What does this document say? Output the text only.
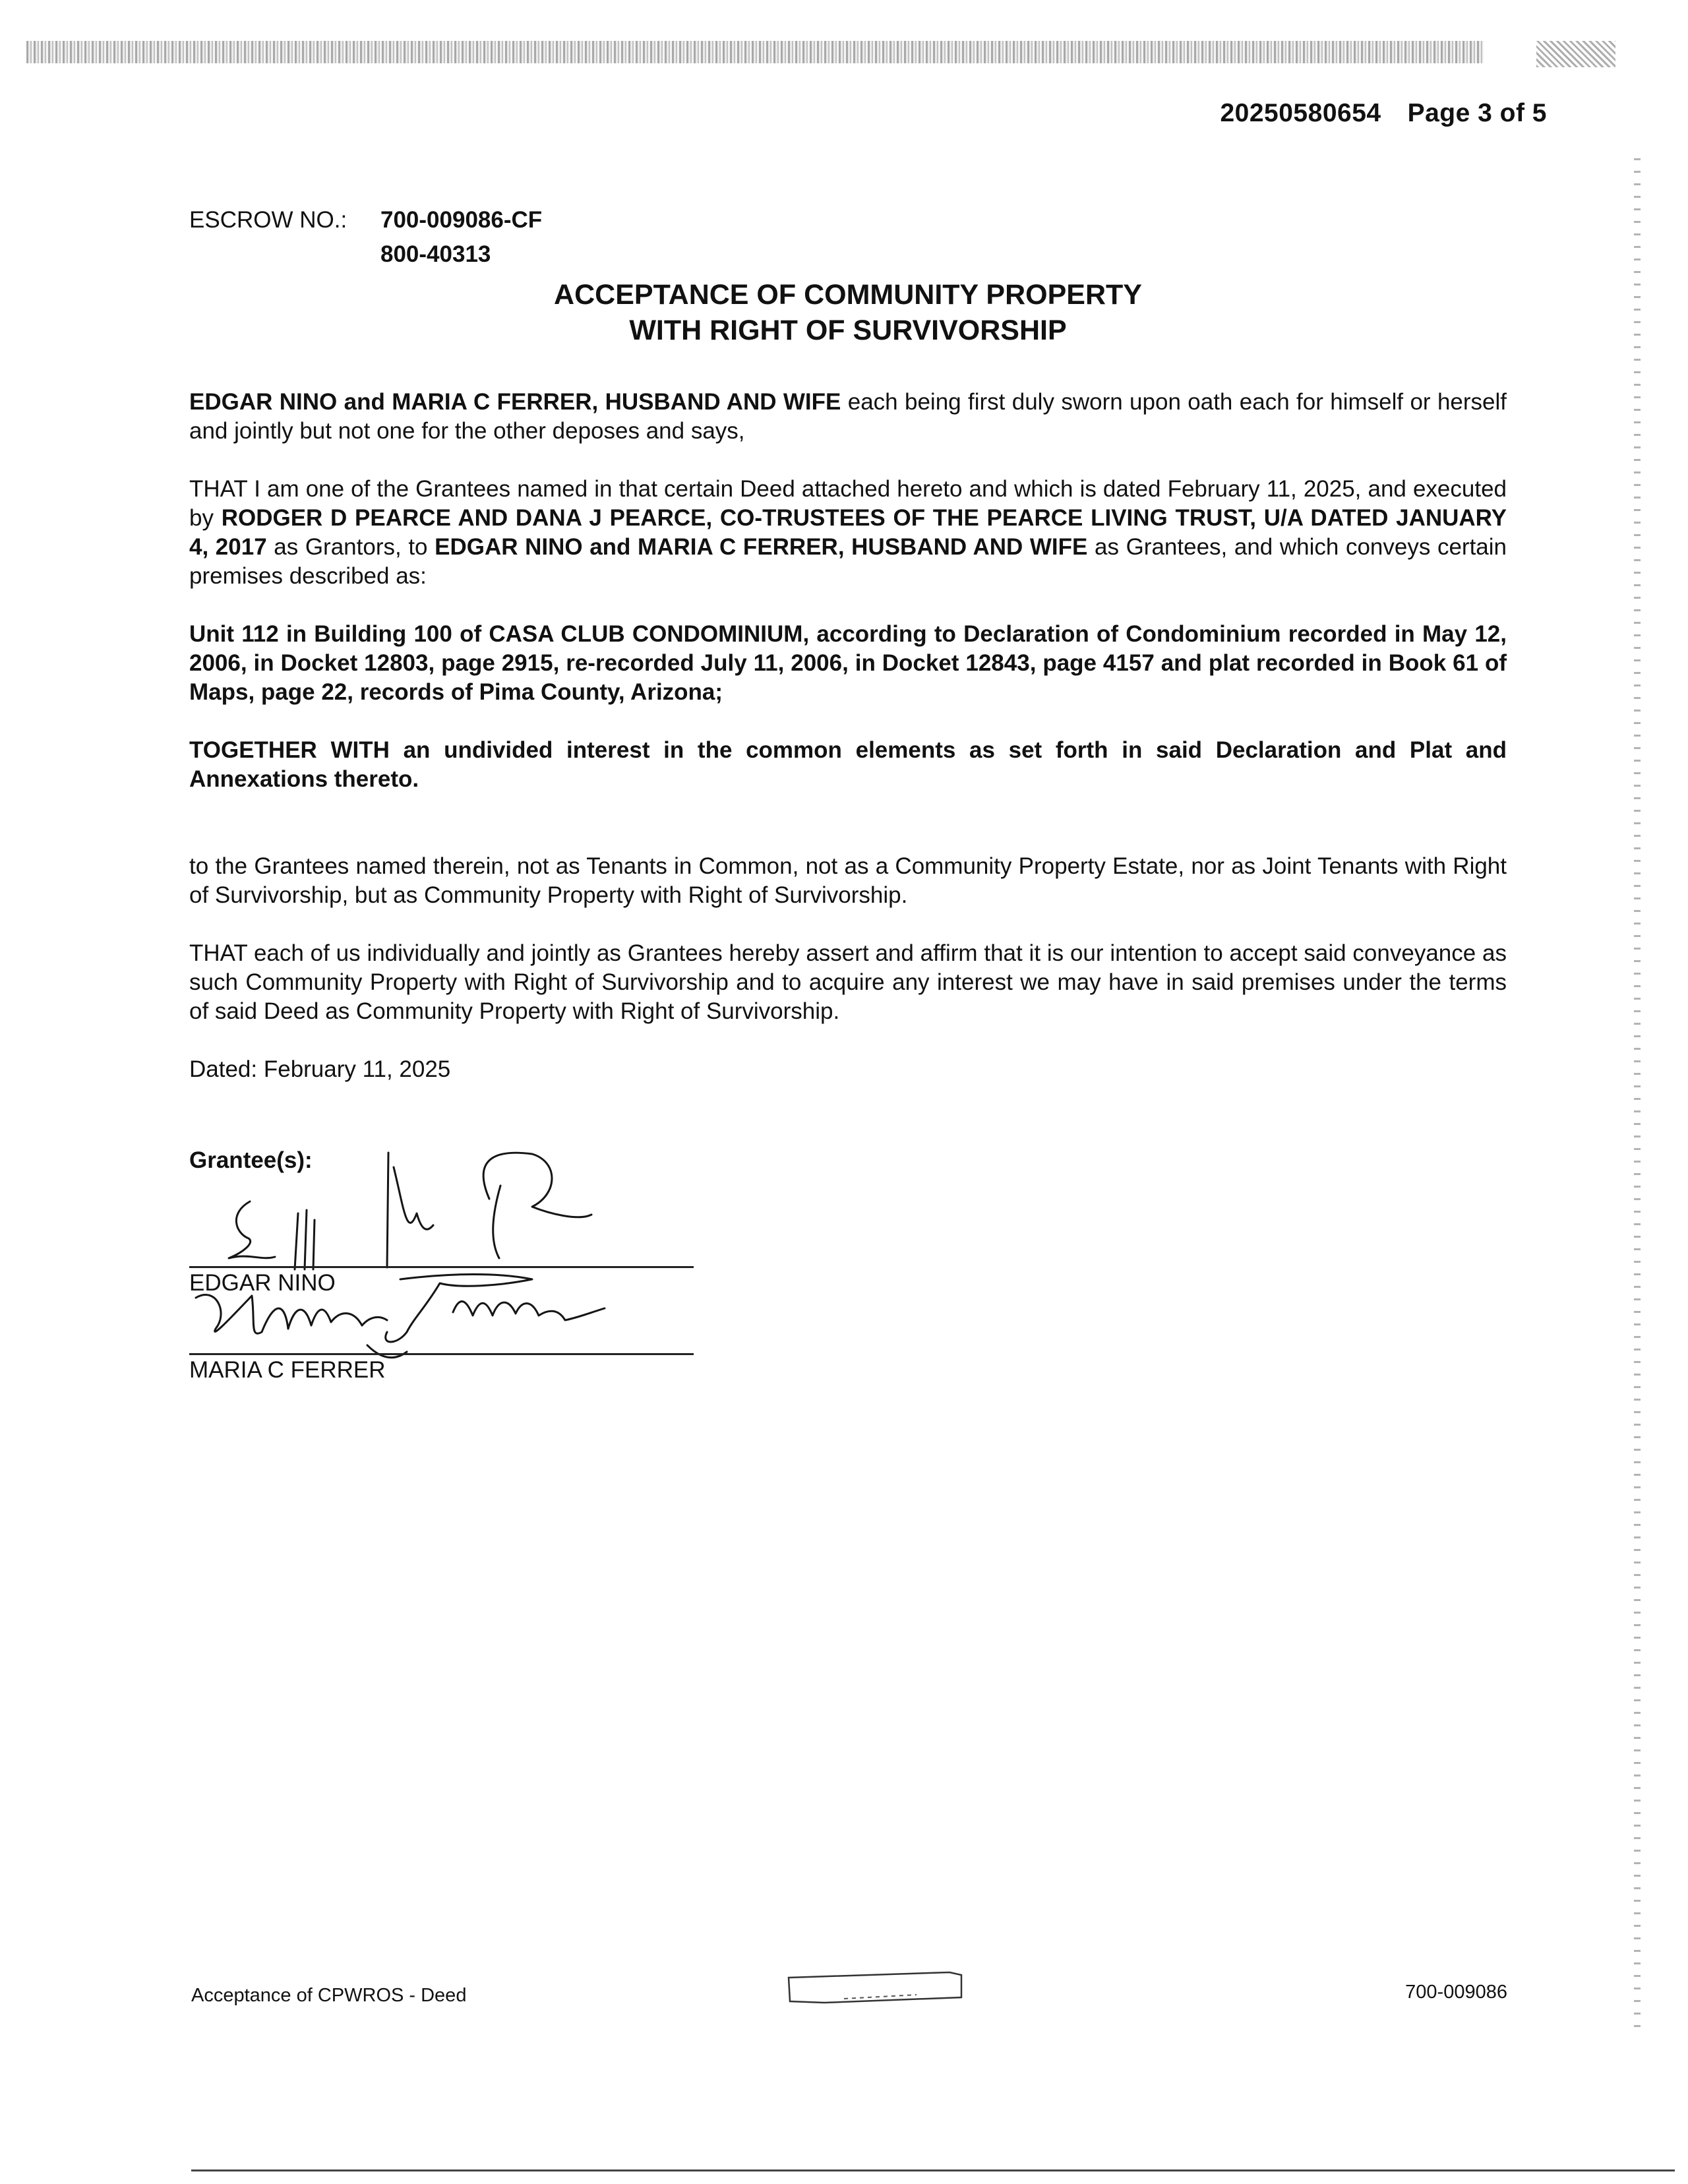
20250580654 Page 3 of 5
ESCROW NO.: 700-009086-CF
800-40313
ACCEPTANCE OF COMMUNITY PROPERTY
WITH RIGHT OF SURVIVORSHIP

EDGAR NINO and MARIA C FERRER, HUSBAND AND WIFE each being first duly sworn upon oath each for himself or herself and jointly but not one for the other deposes and says,

THAT I am one of the Grantees named in that certain Deed attached hereto and which is dated February 11, 2025, and executed by RODGER D PEARCE AND DANA J PEARCE, CO-TRUSTEES OF THE PEARCE LIVING TRUST, U/A DATED JANUARY 4, 2017 as Grantors, to EDGAR NINO and MARIA C FERRER, HUSBAND AND WIFE as Grantees, and which conveys certain premises described as:

Unit 112 in Building 100 of CASA CLUB CONDOMINIUM, according to Declaration of Condominium recorded in May 12, 2006, in Docket 12803, page 2915, re-recorded July 11, 2006, in Docket 12843, page 4157 and plat recorded in Book 61 of Maps, page 22, records of Pima County, Arizona;

TOGETHER WITH an undivided interest in the common elements as set forth in said Declaration and Plat and Annexations thereto.

to the Grantees named therein, not as Tenants in Common, not as a Community Property Estate, nor as Joint Tenants with Right of Survivorship, but as Community Property with Right of Survivorship.

THAT each of us individually and jointly as Grantees hereby assert and affirm that it is our intention to accept said conveyance as such Community Property with Right of Survivorship and to acquire any interest we may have in said premises under the terms of said Deed as Community Property with Right of Survivorship.

Dated: February 11, 2025

Grantee(s):
EDGAR NINO
MARIA C FERRER
Acceptance of CPWROS - Deed	700-009086
